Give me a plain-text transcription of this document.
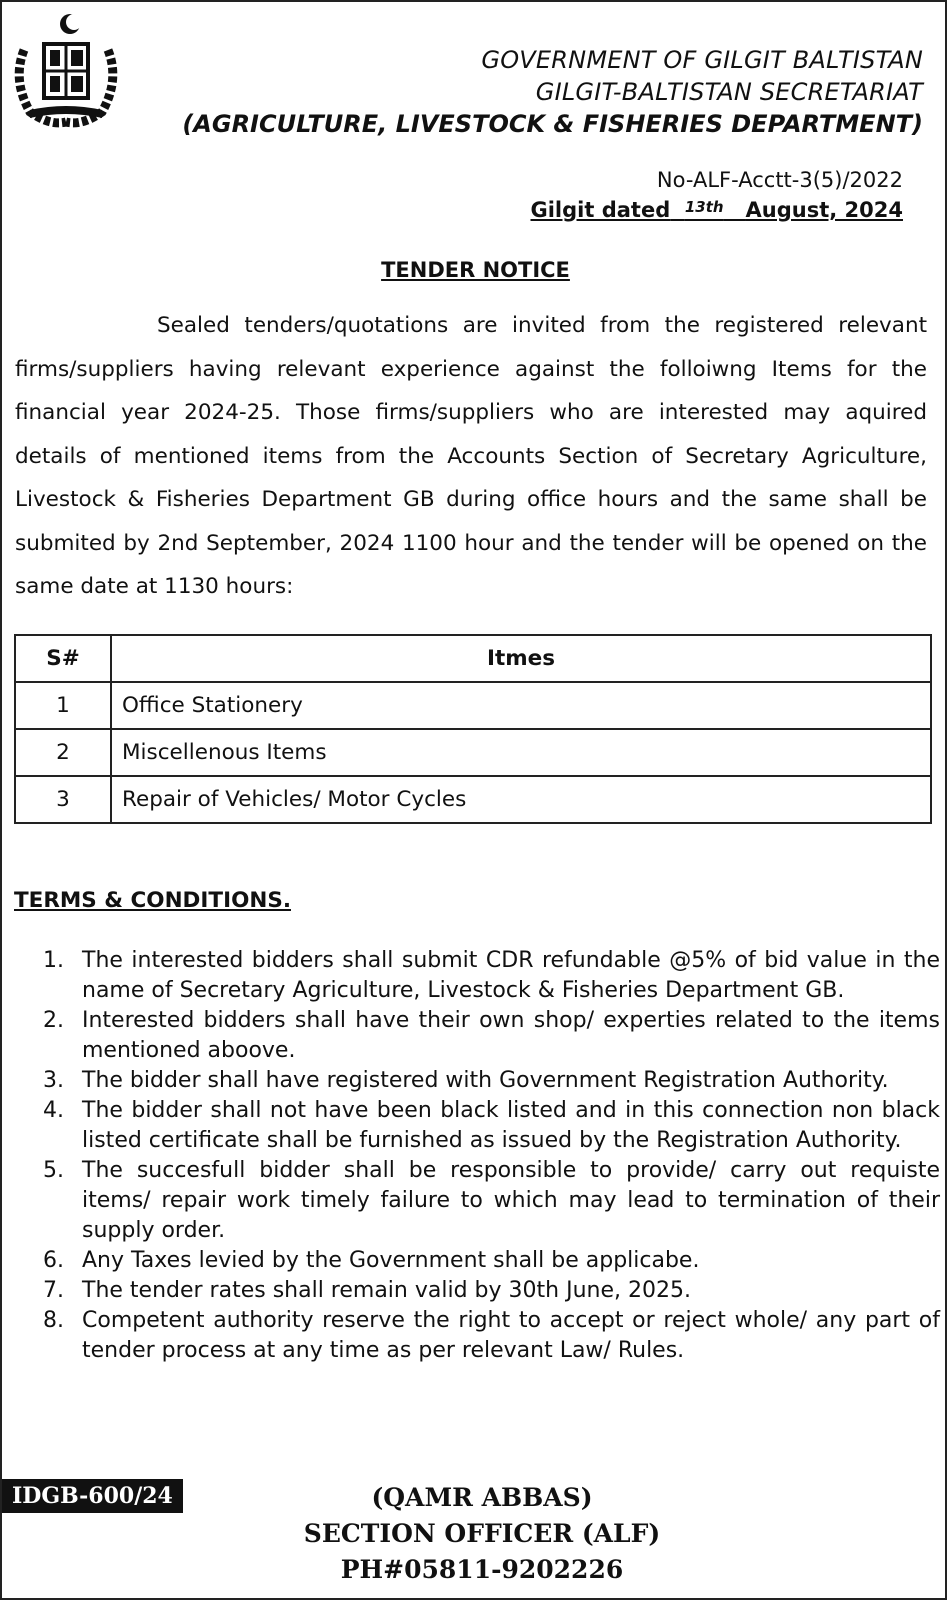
GOVERNMENT OF GILGIT BALTISTAN
GILGIT-BALTISTAN SECRETARIAT
(AGRICULTURE, LIVESTOCK & FISHERIES DEPARTMENT)
No-ALF-Acctt-3(5)/2022
Gilgit dated $^{13th}$ August, 2024
TENDER NOTICE
Sealed tenders/quotations are invited from the registered relevant firms/suppliers having relevant experience against the folloiwng Items for the financial year 2024-25. Those firms/suppliers who are interested may aquired details of mentioned items from the Accounts Section of Secretary Agriculture, Livestock & Fisheries Department GB during office hours and the same shall be submited by 2nd September, 2024 1100 hour and the tender will be opened on the same date at 1130 hours:
S#	Itmes
1	Office Stationery
2	Miscellenous Items
3	Repair of Vehicles/ Motor Cycles
TERMS & CONDITIONS.
1. The interested bidders shall submit CDR refundable @5% of bid value in the name of Secretary Agriculture, Livestock & Fisheries Department GB.
2. Interested bidders shall have their own shop/ experties related to the items mentioned aboove.
3. The bidder shall have registered with Government Registration Authority.
4. The bidder shall not have been black listed and in this connection non black listed certificate shall be furnished as issued by the Registration Authority.
5. The succesfull bidder shall be responsible to provide/ carry out requiste items/ repair work timely failure to which may lead to termination of their supply order.
6. Any Taxes levied by the Government shall be applicabe.
7. The tender rates shall remain valid by 30th June, 2025.
8. Competent authority reserve the right to accept or reject whole/ any part of tender process at any time as per relevant Law/ Rules.
IDGB-600/24	(QAMR ABBAS)
SECTION OFFICER (ALF)
PH#05811-9202226
